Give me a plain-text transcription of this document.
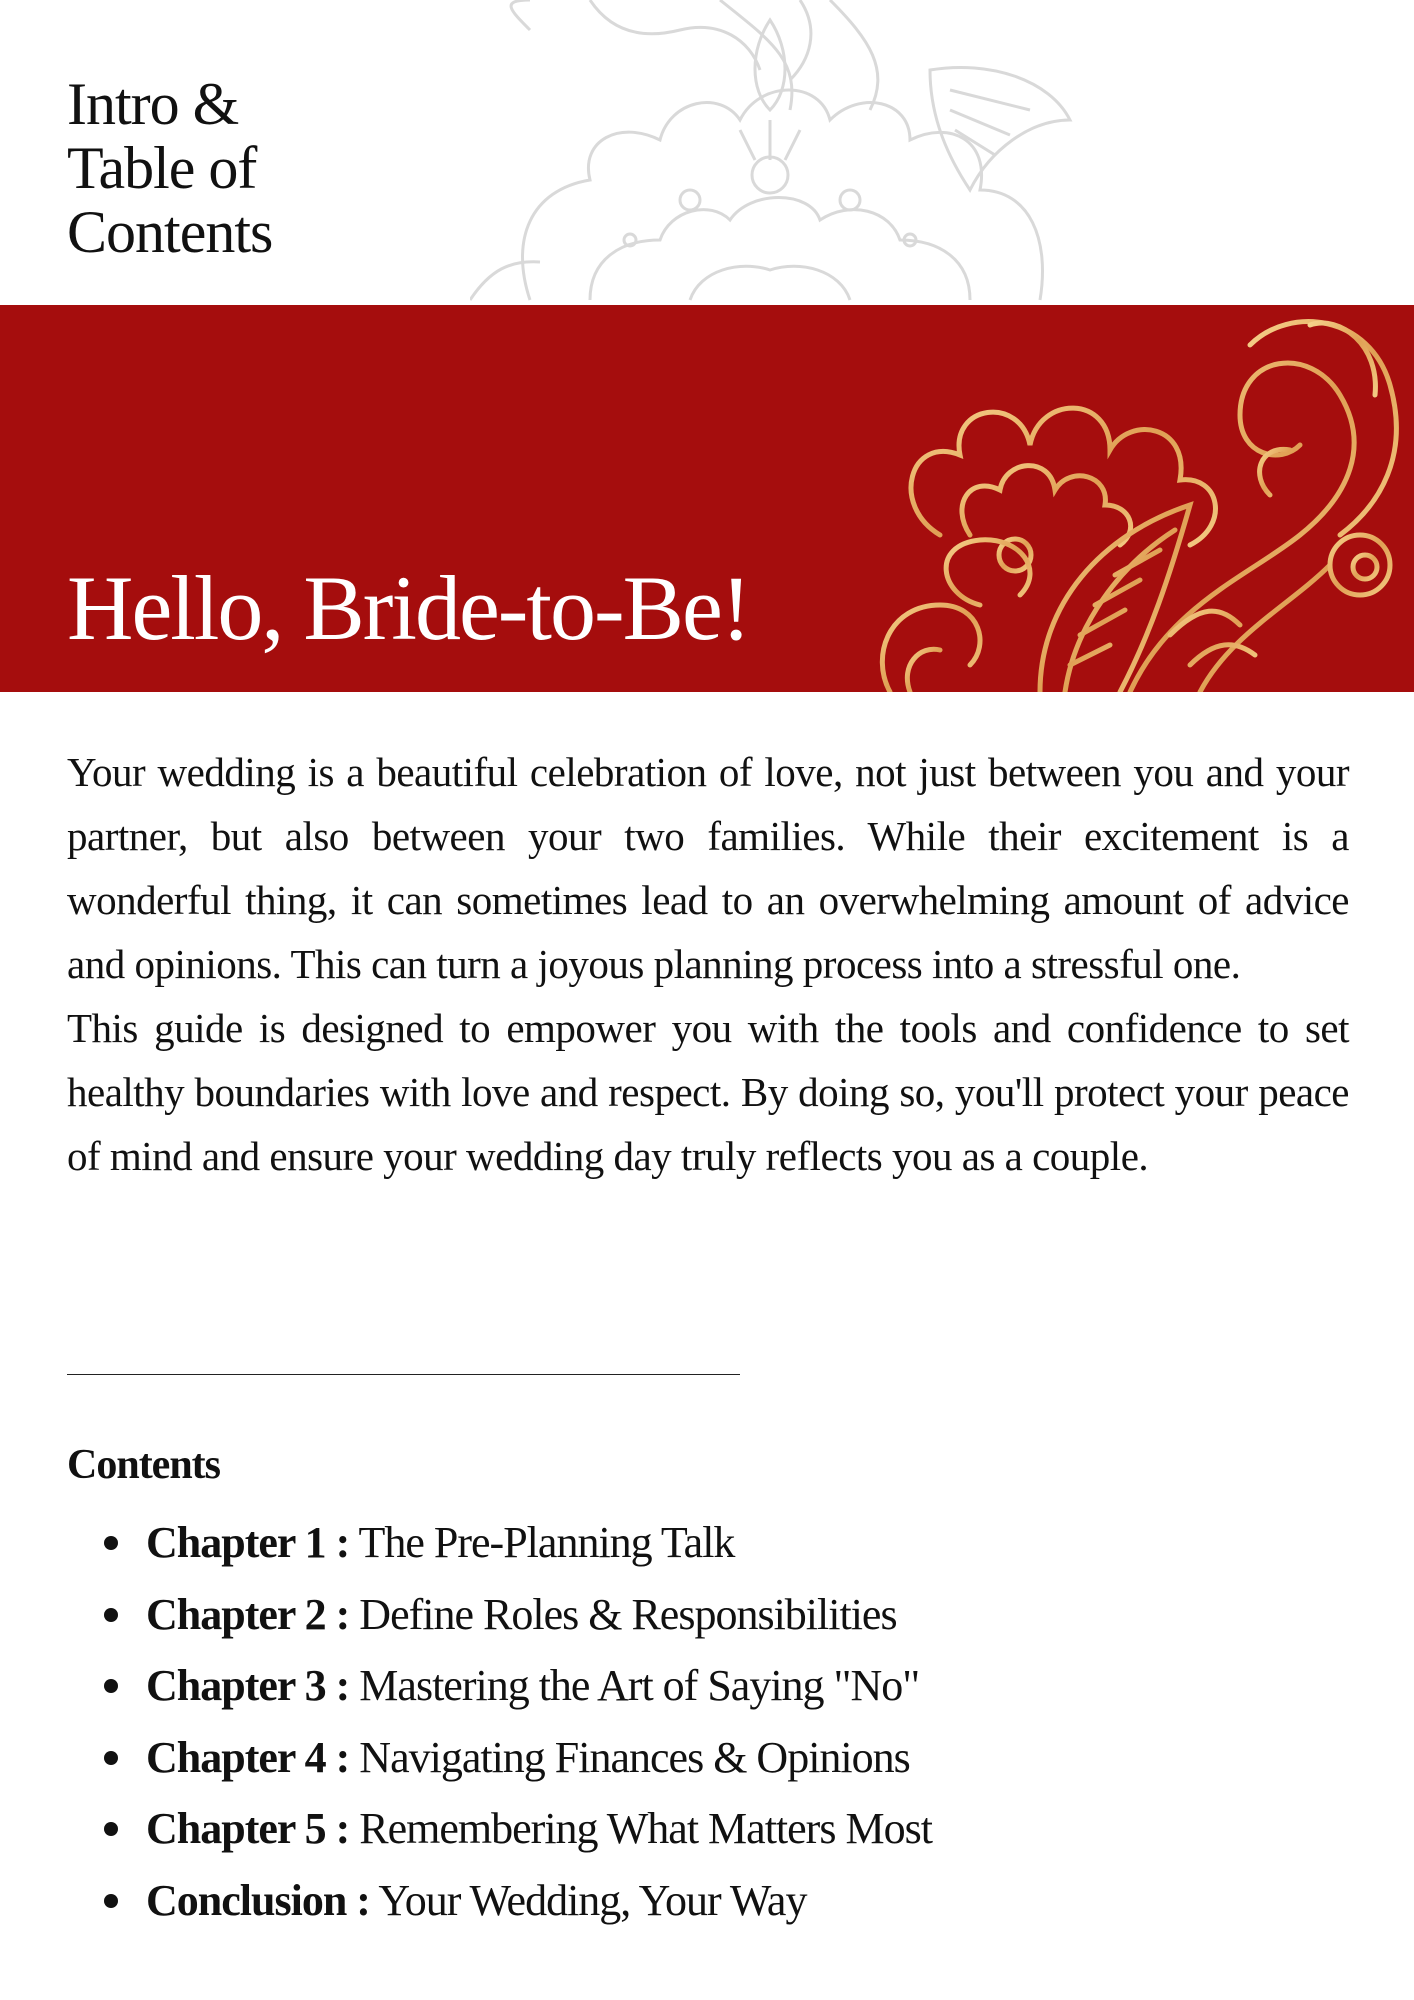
Intro &
Table of
Contents
Hello, Bride-to-Be!

Your wedding is a beautiful celebration of love, not just between you and your partner, but also between your two families. While their excitement is a wonderful thing, it can sometimes lead to an overwhelming amount of advice and opinions. This can turn a joyous planning process into a stressful one.

This guide is designed to empower you with the tools and confidence to set healthy boundaries with love and respect. By doing so, you'll protect your peace of mind and ensure your wedding day truly reflects you as a couple.

Contents
Chapter 1 : The Pre-Planning Talk
Chapter 2 : Define Roles & Responsibilities
Chapter 3 : Mastering the Art of Saying "No"
Chapter 4 : Navigating Finances & Opinions
Chapter 5 : Remembering What Matters Most
Conclusion : Your Wedding, Your Way
